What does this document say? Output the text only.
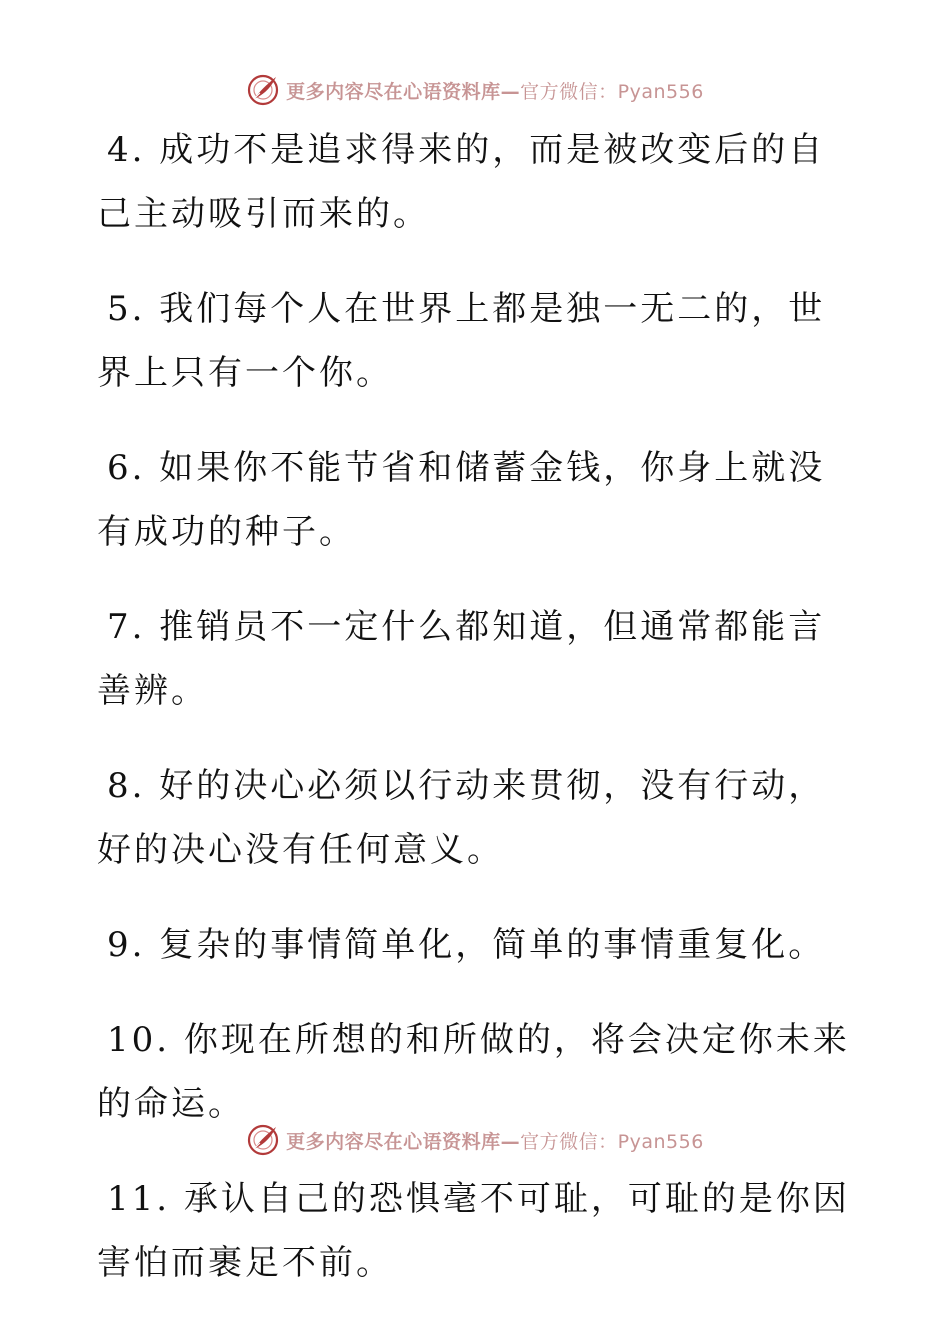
更多内容尽在心语资料库—官方微信：Pyan556

4. 成功不是追求得来的，而是被改变后的自己主动吸引而来的。

5. 我们每个人在世界上都是独一无二的，世界上只有一个你。

6. 如果你不能节省和储蓄金钱，你身上就没有成功的种子。

7. 推销员不一定什么都知道，但通常都能言善辨。

8. 好的决心必须以行动来贯彻，没有行动，好的决心没有任何意义。

9. 复杂的事情简单化，简单的事情重复化。

10. 你现在所想的和所做的，将会决定你未来的命运。

11. 承认自己的恐惧毫不可耻，可耻的是你因害怕而裹足不前。

更多内容尽在心语资料库—官方微信：Pyan556
